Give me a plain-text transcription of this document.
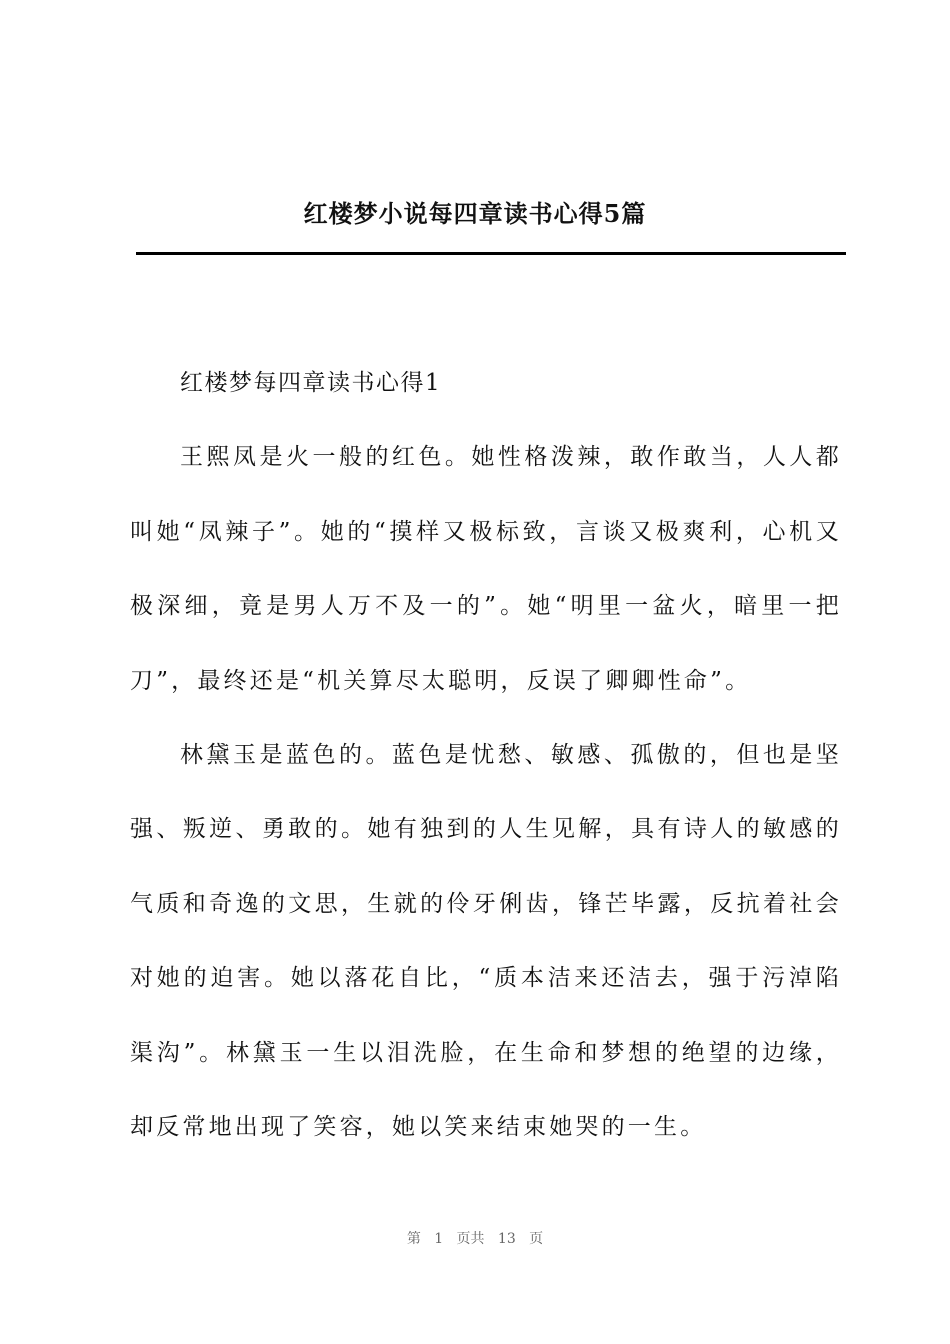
红楼梦小说每四章读书心得5篇

红楼梦每四章读书心得1

王熙凤是火一般的红色。她性格泼辣，敢作敢当，人人都叫她“凤辣子”。她的“摸样又极标致，言谈又极爽利，心机又极深细，竟是男人万不及一的”。她“明里一盆火，暗里一把刀”，最终还是“机关算尽太聪明，反误了卿卿性命”。

林黛玉是蓝色的。蓝色是忧愁、敏感、孤傲的，但也是坚强、叛逆、勇敢的。她有独到的人生见解，具有诗人的敏感的气质和奇逸的文思，生就的伶牙俐齿，锋芒毕露，反抗着社会对她的迫害。她以落花自比，“质本洁来还洁去，强于污淖陷渠沟”。林黛玉一生以泪洗脸，在生命和梦想的绝望的边缘，却反常地出现了笑容，她以笑来结束她哭的一生。

第 1 页共 13 页
